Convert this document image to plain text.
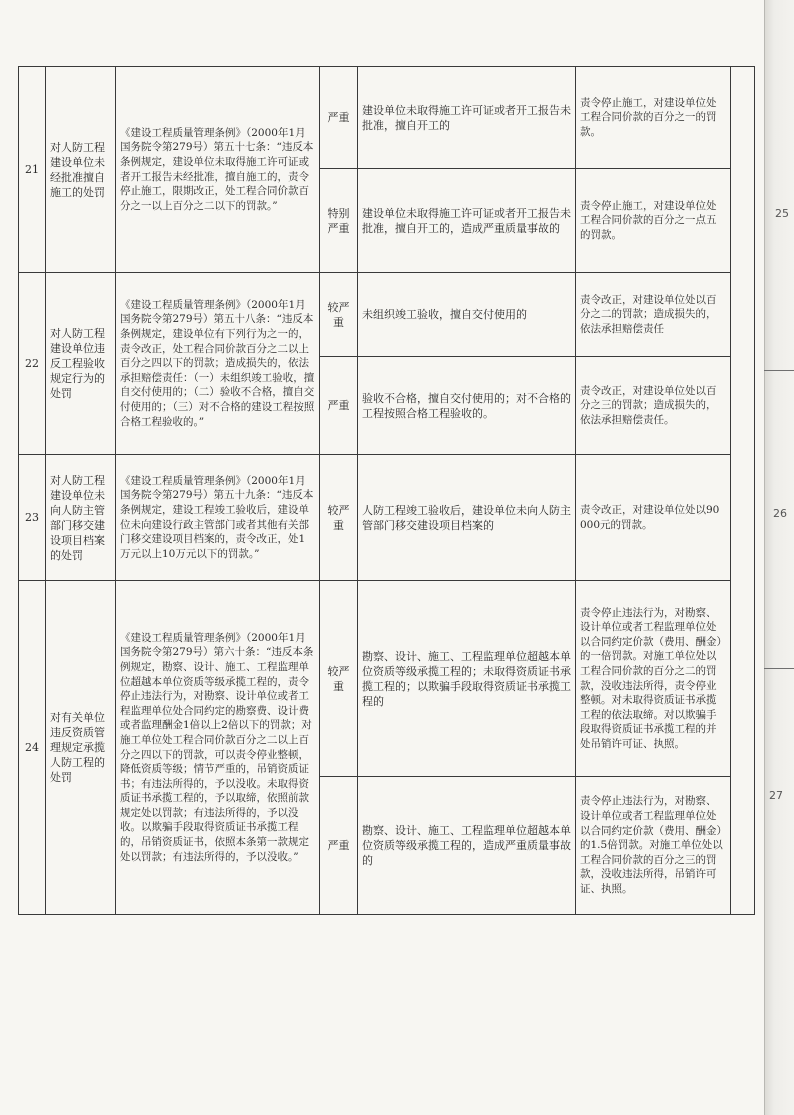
25
26
27
21	对人防工程建设单位未经批准擅自施工的处罚	《建设工程质量管理条例》（2000年1月国务院令第279号）第五十七条：“违反本条例规定，建设单位未取得施工许可证或者开工报告未经批准，擅自施工的，责令停止施工，限期改正，处工程合同价款百分之一以上百分之二以下的罚款。”	严重	建设单位未取得施工许可证或者开工报告未批准，擅自开工的	责令停止施工，对建设单位处工程合同价款的百分之一的罚款。	
			特别严重	建设单位未取得施工许可证或者开工报告未批准，擅自开工的，造成严重质量事故的	责令停止施工，对建设单位处工程合同价款的百分之一点五的罚款。	
22	对人防工程建设单位违反工程验收规定行为的处罚	《建设工程质量管理条例》（2000年1月国务院令第279号）第五十八条：“违反本条例规定，建设单位有下列行为之一的，责令改正，处工程合同价款百分之二以上百分之四以下的罚款；造成损失的，依法承担赔偿责任：（一）未组织竣工验收，擅自交付使用的；（二）验收不合格，擅自交付使用的；（三）对不合格的建设工程按照合格工程验收的。”	较严重	未组织竣工验收，擅自交付使用的	责令改正，对建设单位处以百分之二的罚款；造成损失的，依法承担赔偿责任	
			严重	验收不合格，擅自交付使用的；对不合格的工程按照合格工程验收的。	责令改正，对建设单位处以百分之三的罚款；造成损失的，依法承担赔偿责任。	
23	对人防工程建设单位未向人防主管部门移交建设项目档案的处罚	《建设工程质量管理条例》（2000年1月国务院令第279号）第五十九条：“违反本条例规定，建设工程竣工验收后，建设单位未向建设行政主管部门或者其他有关部门移交建设项目档案的，责令改正，处1万元以上10万元以下的罚款。”	较严重	人防工程竣工验收后，建设单位未向人防主管部门移交建设项目档案的	责令改正，对建设单位处以90000元的罚款。	
24	对有关单位违反资质管理规定承揽人防工程的处罚	《建设工程质量管理条例》（2000年1月国务院令第279号）第六十条：“违反本条例规定，勘察、设计、施工、工程监理单位超越本单位资质等级承揽工程的，责令停止违法行为，对勘察、设计单位或者工程监理单位处合同约定的勘察费、设计费或者监理酬金1倍以上2倍以下的罚款；对施工单位处工程合同价款百分之二以上百分之四以下的罚款，可以责令停业整顿，降低资质等级；情节严重的，吊销资质证书；有违法所得的，予以没收。未取得资质证书承揽工程的，予以取缔，依照前款规定处以罚款；有违法所得的，予以没收。以欺骗手段取得资质证书承揽工程的，吊销资质证书，依照本条第一款规定处以罚款；有违法所得的，予以没收。”	较严重	勘察、设计、施工、工程监理单位超越本单位资质等级承揽工程的；未取得资质证书承揽工程的；以欺骗手段取得资质证书承揽工程的	责令停止违法行为，对勘察、设计单位或者工程监理单位处以合同约定价款（费用、酬金）的一倍罚款。对施工单位处以工程合同价款的百分之二的罚款，没收违法所得，责令停业整顿。对未取得资质证书承揽工程的依法取缔。对以欺骗手段取得资质证书承揽工程的并处吊销许可证、执照。	
			严重	勘察、设计、施工、工程监理单位超越本单位资质等级承揽工程的，造成严重质量事故的	责令停止违法行为，对勘察、设计单位或者工程监理单位处以合同约定价款（费用、酬金）的1.5倍罚款。对施工单位处以工程合同价款的百分之三的罚款，没收违法所得，吊销许可证、执照。	
